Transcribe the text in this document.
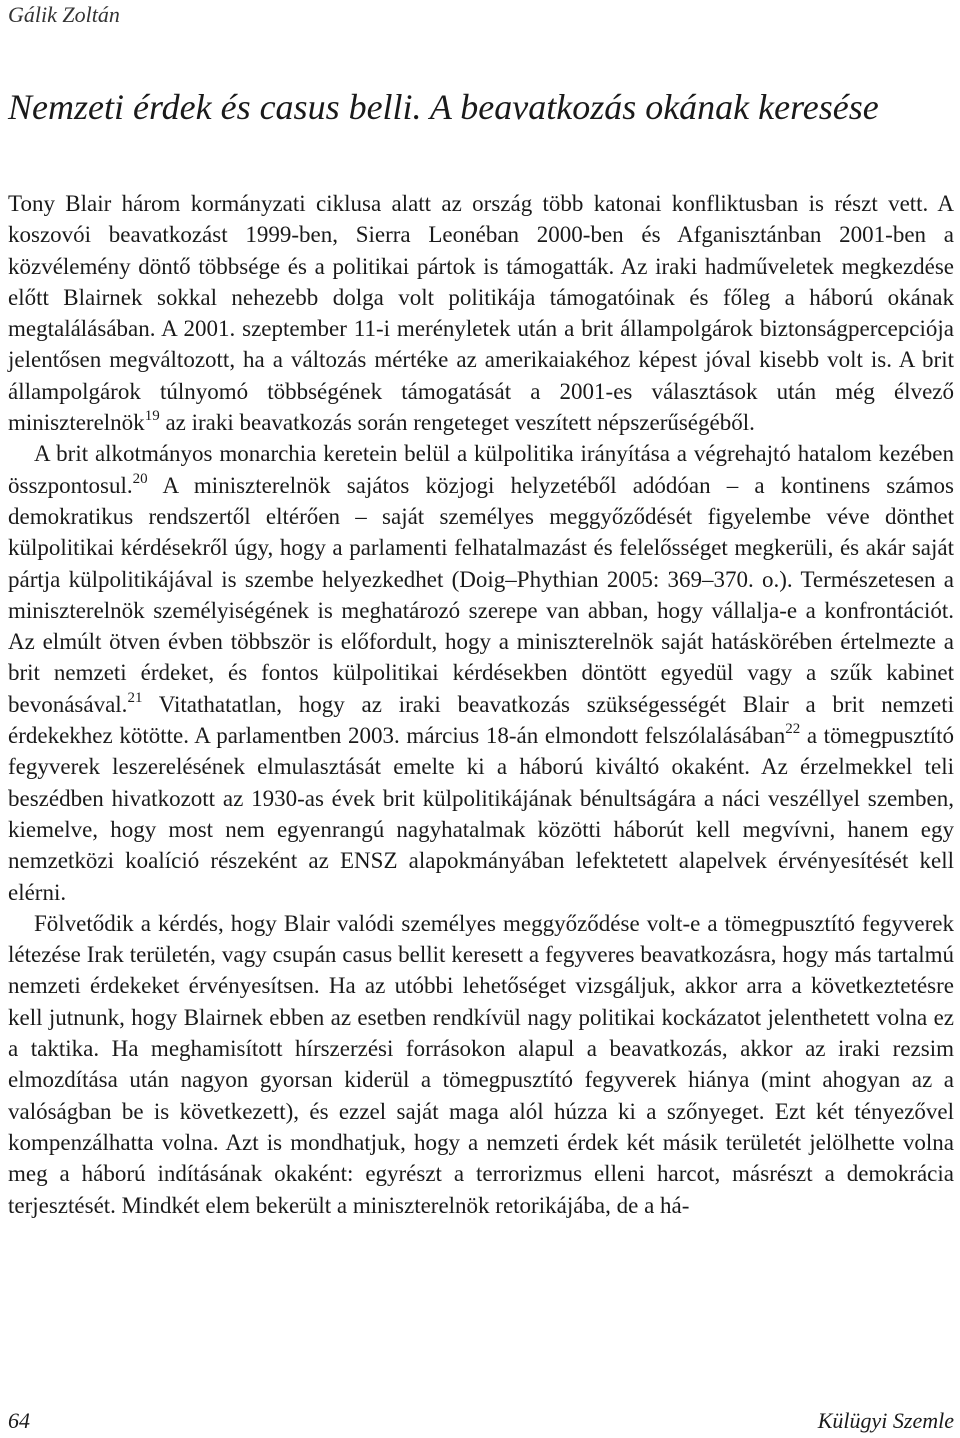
Gálik Zoltán
Nemzeti érdek és casus belli. A beavatkozás okának keresése

Tony Blair három kormányzati ciklusa alatt az ország több katonai konfliktusban is részt vett. A koszovói beavatkozást 1999-ben, Sierra Leonéban 2000-ben és Afganisztánban 2001-ben a közvélemény döntő többsége és a politikai pártok is támogatták. Az iraki hadműveletek megkezdése előtt Blairnek sokkal nehezebb dolga volt politikája támogatóinak és főleg a háború okának megtalálásában. A 2001. szeptember 11-i merényletek után a brit állampolgárok biztonságpercepciója jelentősen megváltozott, ha a változás mértéke az amerikaiakéhoz képest jóval kisebb volt is. A brit állampolgárok túlnyomó többségének támogatását a 2001-es választások után még élvező miniszterelnök$^{19}$ az iraki beavatkozás során rengeteget veszített népszerűségéből.

A brit alkotmányos monarchia keretein belül a külpolitika irányítása a végrehajtó hatalom kezében összpontosul.$^{20}$ A miniszterelnök sajátos közjogi helyzetéből adódóan – a kontinens számos demokratikus rendszertől eltérően – saját személyes meggyőződését figyelembe véve dönthet külpolitikai kérdésekről úgy, hogy a parlamenti felhatalmazást és felelősséget megkerüli, és akár saját pártja külpolitikájával is szembe helyezkedhet (Doig–Phythian 2005: 369–370. o.). Természetesen a miniszterelnök személyiségének is meghatározó szerepe van abban, hogy vállalja-e a konfrontációt. Az elmúlt ötven évben többször is előfordult, hogy a miniszterelnök saját hatáskörében értelmezte a brit nemzeti érdeket, és fontos külpolitikai kérdésekben döntött egyedül vagy a szűk kabinet bevonásával.$^{21}$ Vitathatatlan, hogy az iraki beavatkozás szükségességét Blair a brit nemzeti érdekekhez kötötte. A parlamentben 2003. március 18-án elmondott felszólalásában$^{22}$ a tömegpusztító fegyverek leszerelésének elmulasztását emelte ki a háború kiváltó okaként. Az érzelmekkel teli beszédben hivatkozott az 1930-as évek brit külpolitikájának bénultságára a náci veszéllyel szemben, kiemelve, hogy most nem egyenrangú nagyhatalmak közötti háborút kell megvívni, hanem egy nemzetközi koalíció részeként az ENSZ alapokmányában lefektetett alapelvek érvényesítését kell elérni.

Fölvetődik a kérdés, hogy Blair valódi személyes meggyőződése volt-e a tömegpusztító fegyverek létezése Irak területén, vagy csupán casus bellit keresett a fegyveres beavatkozásra, hogy más tartalmú nemzeti érdekeket érvényesítsen. Ha az utóbbi lehetőséget vizsgáljuk, akkor arra a következtetésre kell jutnunk, hogy Blairnek ebben az esetben rendkívül nagy politikai kockázatot jelenthetett volna ez a taktika. Ha meghamisított hírszerzési forrásokon alapul a beavatkozás, akkor az iraki rezsim elmozdítása után nagyon gyorsan kiderül a tömegpusztító fegyverek hiánya (mint ahogyan az a valóságban be is következett), és ezzel saját maga alól húzza ki a szőnyeget. Ezt két tényezővel kompenzálhatta volna. Azt is mondhatjuk, hogy a nemzeti érdek két másik területét jelölhette volna meg a háború indításának okaként: egyrészt a terrorizmus elleni harcot, másrészt a demokrácia terjesztését. Mindkét elem bekerült a miniszterelnök retorikájába, de a há-

64	Külügyi Szemle
